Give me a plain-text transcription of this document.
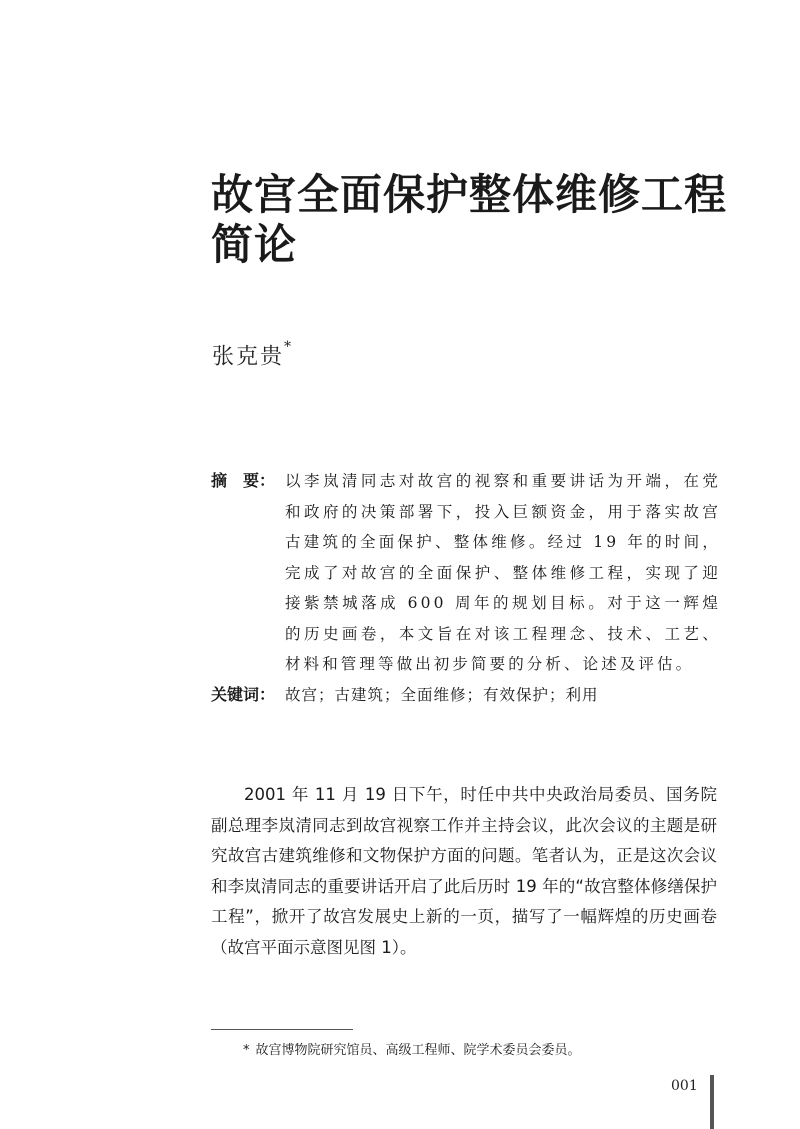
故宫全面保护整体维修工程简论
张克贵*
摘　要： 以李岚清同志对故宫的视察和重要讲话为开端，在党和政府的决策部署下，投入巨额资金，用于落实故宫古建筑的全面保护、整体维修。经过 19 年的时间，完成了对故宫的全面保护、整体维修工程，实现了迎接紫禁城落成 600 周年的规划目标。对于这一辉煌的历史画卷，本文旨在对该工程理念、技术、工艺、材料和管理等做出初步简要的分析、论述及评估。
关键词： 故宫；古建筑；全面维修；有效保护；利用

2001 年 11 月 19 日下午，时任中共中央政治局委员、国务院副总理李岚清同志到故宫视察工作并主持会议，此次会议的主题是研究故宫古建筑维修和文物保护方面的问题。笔者认为，正是这次会议和李岚清同志的重要讲话开启了此后历时 19 年的“故宫整体修缮保护工程”，掀开了故宫发展史上新的一页，描写了一幅辉煌的历史画卷（故宫平面示意图见图 1）。

* 故宫博物院研究馆员、高级工程师、院学术委员会委员。
001
